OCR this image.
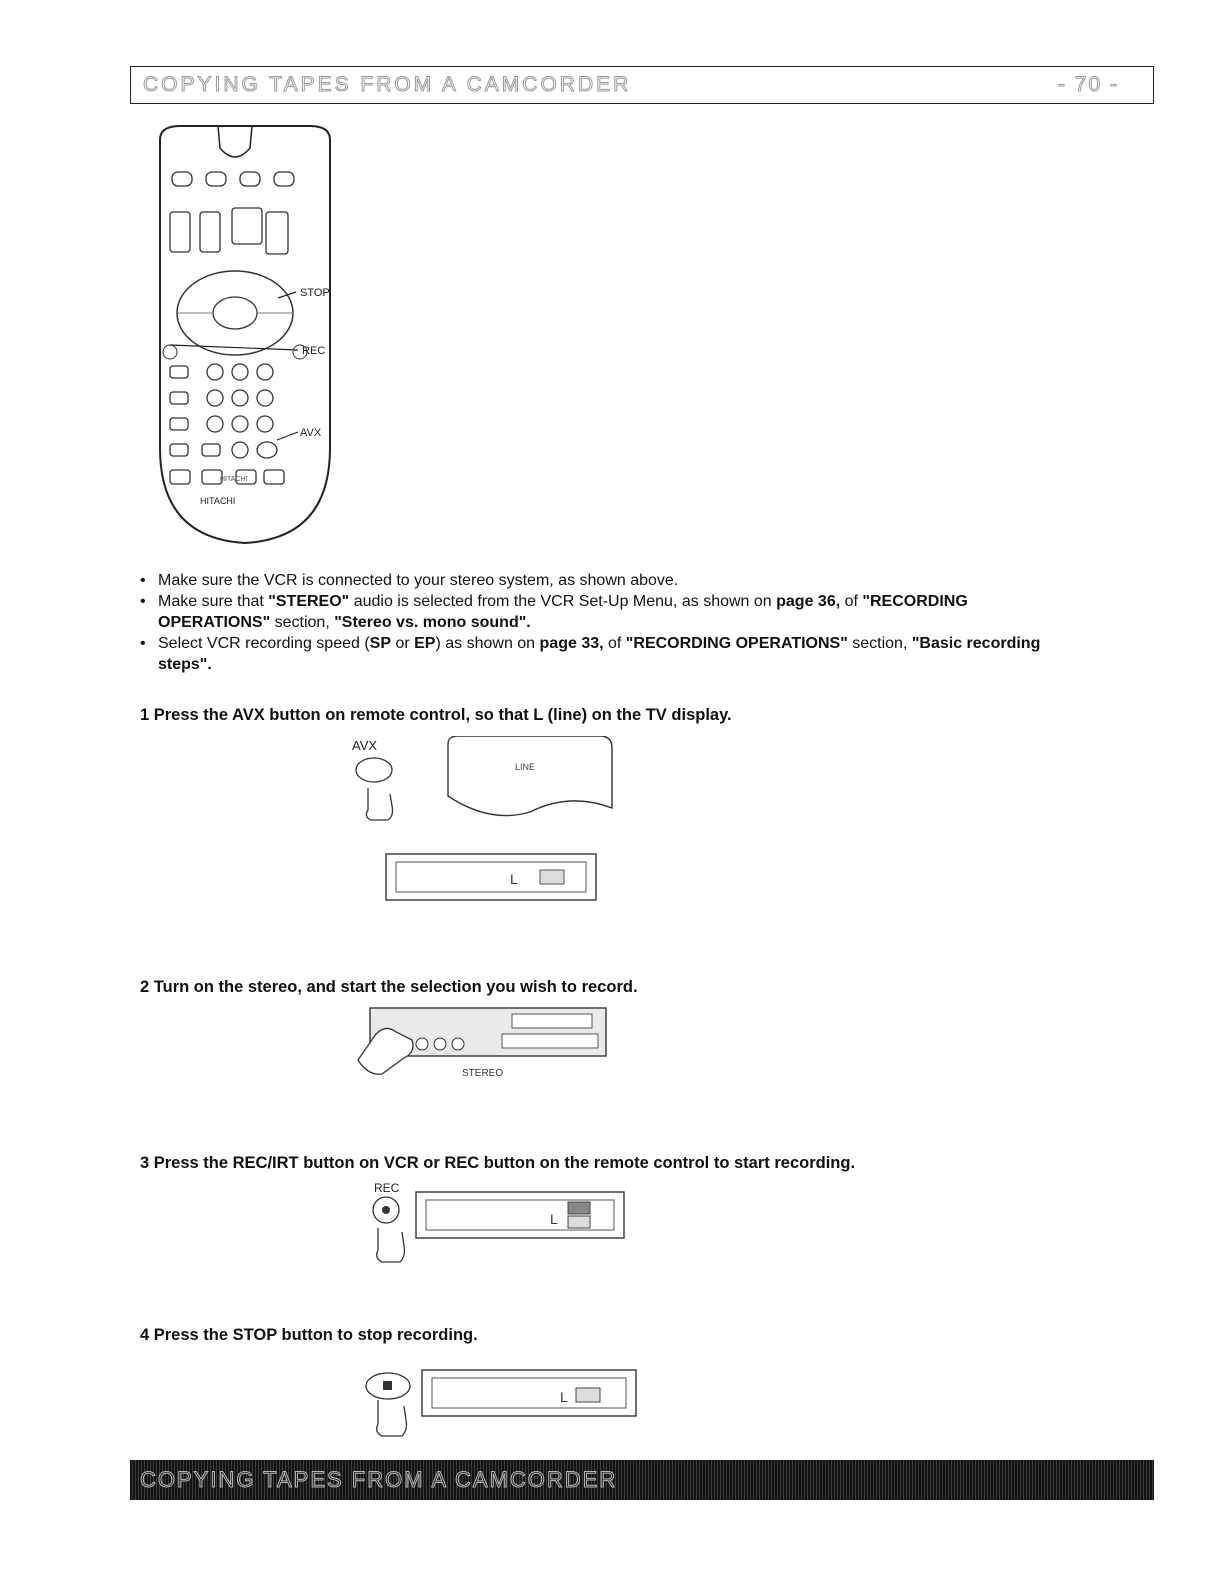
COPYING TAPES FROM A CAMCORDER	- 70 -
HITACHI
HITACHI
STOP
REC
AVX
• Make sure the VCR is connected to your stereo system, as shown above.
• Make sure that "STEREO" audio is selected from the VCR Set-Up Menu, as shown on page 36, of "RECORDING OPERATIONS" section, "Stereo vs. mono sound".
• Select VCR recording speed (SP or EP) as shown on page 33, of "RECORDING OPERATIONS" section, "Basic recording steps".

1 Press the AVX button on remote control, so that L (line) on the TV display.

AVX
LINE
L

2 Turn on the stereo, and start the selection you wish to record.

STEREO

3 Press the REC/IRT button on VCR or REC button on the remote control to start recording.

REC
L

4 Press the STOP button to stop recording.

L
COPYING TAPES FROM A CAMCORDER
